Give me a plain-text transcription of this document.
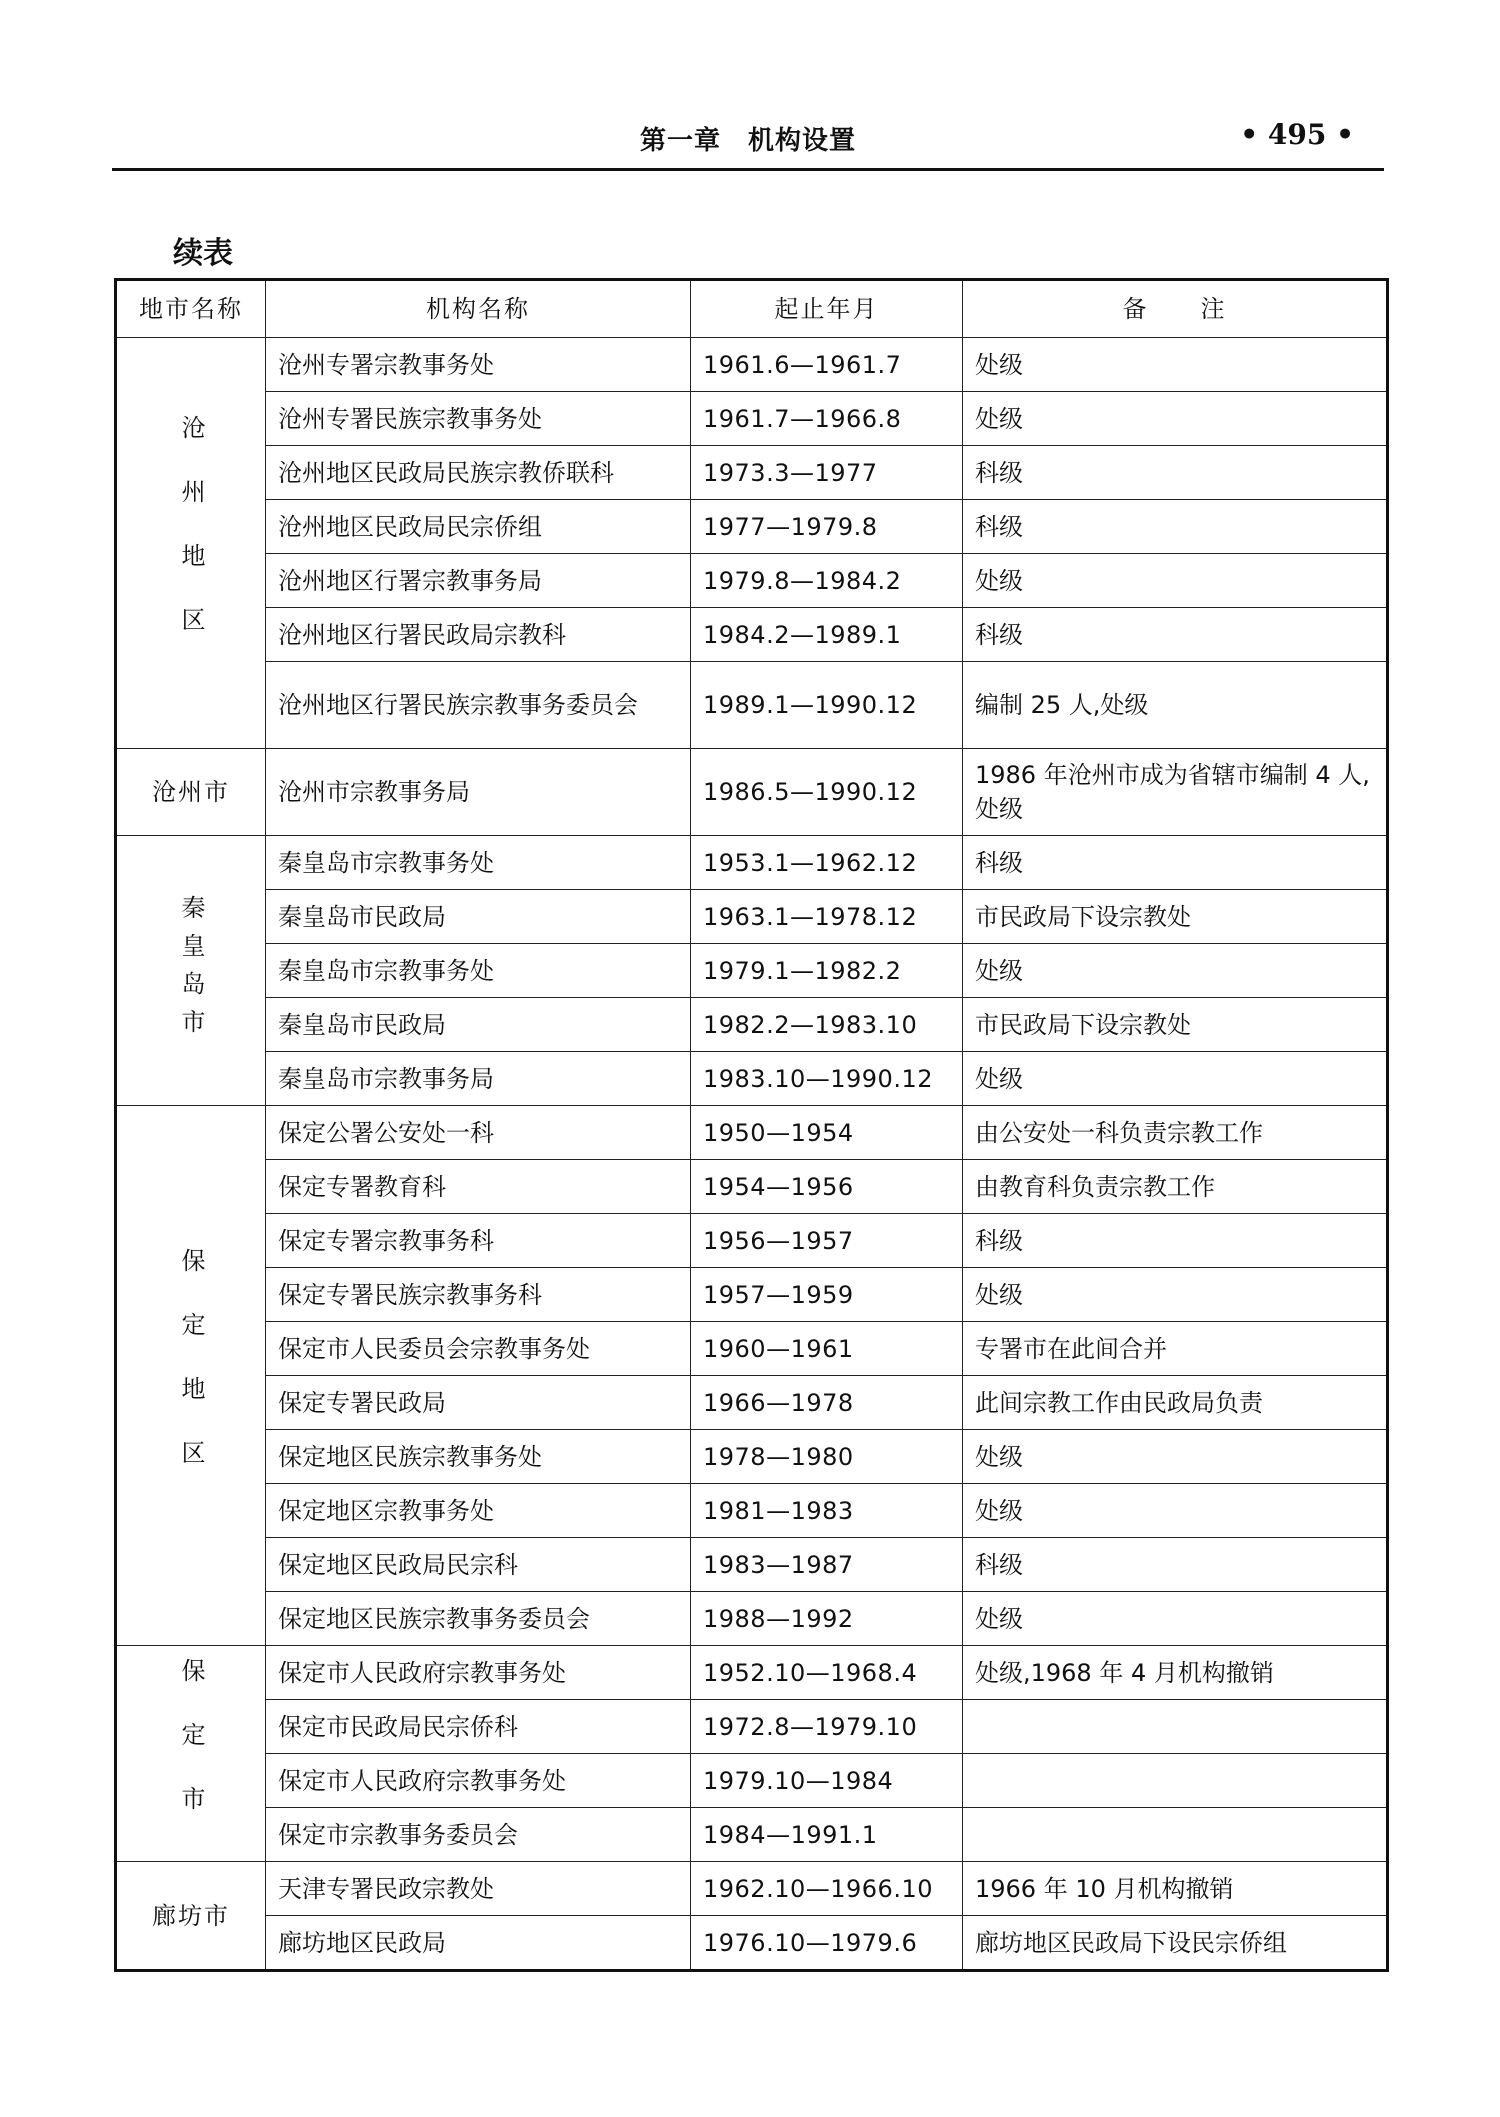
第一章　机构设置	• 495 •
续表
地市名称	机构名称	起止年月	备　　注
沧州地区	沧州专署宗教事务处	1961.6—1961.7	处级
	沧州专署民族宗教事务处	1961.7—1966.8	处级
	沧州地区民政局民族宗教侨联科	1973.3—1977	科级
	沧州地区民政局民宗侨组	1977—1979.8	科级
	沧州地区行署宗教事务局	1979.8—1984.2	处级
	沧州地区行署民政局宗教科	1984.2—1989.1	科级
	沧州地区行署民族宗教事务委员会	1989.1—1990.12	编制 25 人,处级
沧州市	沧州市宗教事务局	1986.5—1990.12	1986 年沧州市成为省辖市编制 4 人,处级
秦皇岛市	秦皇岛市宗教事务处	1953.1—1962.12	科级
	秦皇岛市民政局	1963.1—1978.12	市民政局下设宗教处
	秦皇岛市宗教事务处	1979.1—1982.2	处级
	秦皇岛市民政局	1982.2—1983.10	市民政局下设宗教处
	秦皇岛市宗教事务局	1983.10—1990.12	处级
保定地区	保定公署公安处一科	1950—1954	由公安处一科负责宗教工作
	保定专署教育科	1954—1956	由教育科负责宗教工作
	保定专署宗教事务科	1956—1957	科级
	保定专署民族宗教事务科	1957—1959	处级
	保定市人民委员会宗教事务处	1960—1961	专署市在此间合并
	保定专署民政局	1966—1978	此间宗教工作由民政局负责
	保定地区民族宗教事务处	1978—1980	处级
	保定地区宗教事务处	1981—1983	处级
	保定地区民政局民宗科	1983—1987	科级
	保定地区民族宗教事务委员会	1988—1992	处级
保定市	保定市人民政府宗教事务处	1952.10—1968.4	处级,1968 年 4 月机构撤销
	保定市民政局民宗侨科	1972.8—1979.10	
	保定市人民政府宗教事务处	1979.10—1984	
	保定市宗教事务委员会	1984—1991.1	
廊坊市	天津专署民政宗教处	1962.10—1966.10	1966 年 10 月机构撤销
	廊坊地区民政局	1976.10—1979.6	廊坊地区民政局下设民宗侨组
